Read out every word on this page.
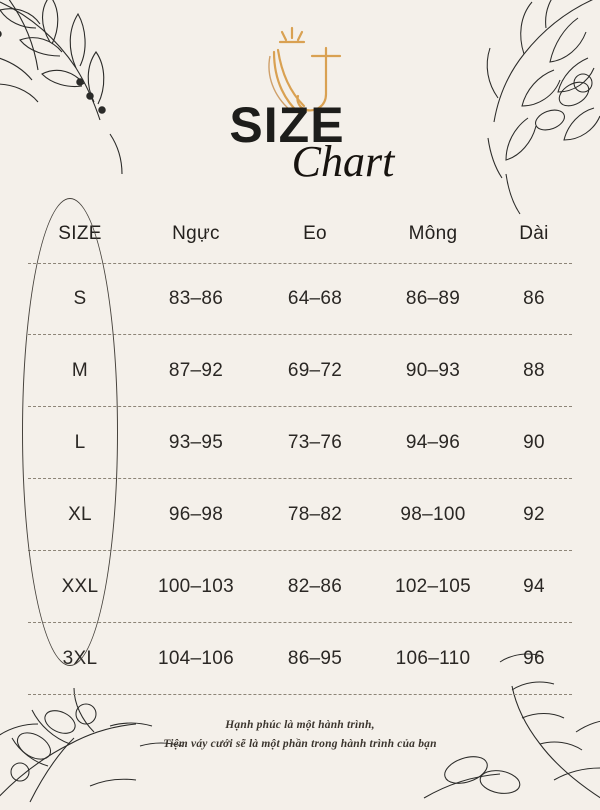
SIZE
Chart
SIZE	Ngực	Eo	Mông	Dài
S	83–86	64–68	86–89	86
M	87–92	69–72	90–93	88
L	93–95	73–76	94–96	90
XL	96–98	78–82	98–100	92
XXL	100–103	82–86	102–105	94
3XL	104–106	86–95	106–110	96
Hạnh phúc là một hành trình,
Tiệm váy cưới sẽ là một phần trong hành trình của bạn
